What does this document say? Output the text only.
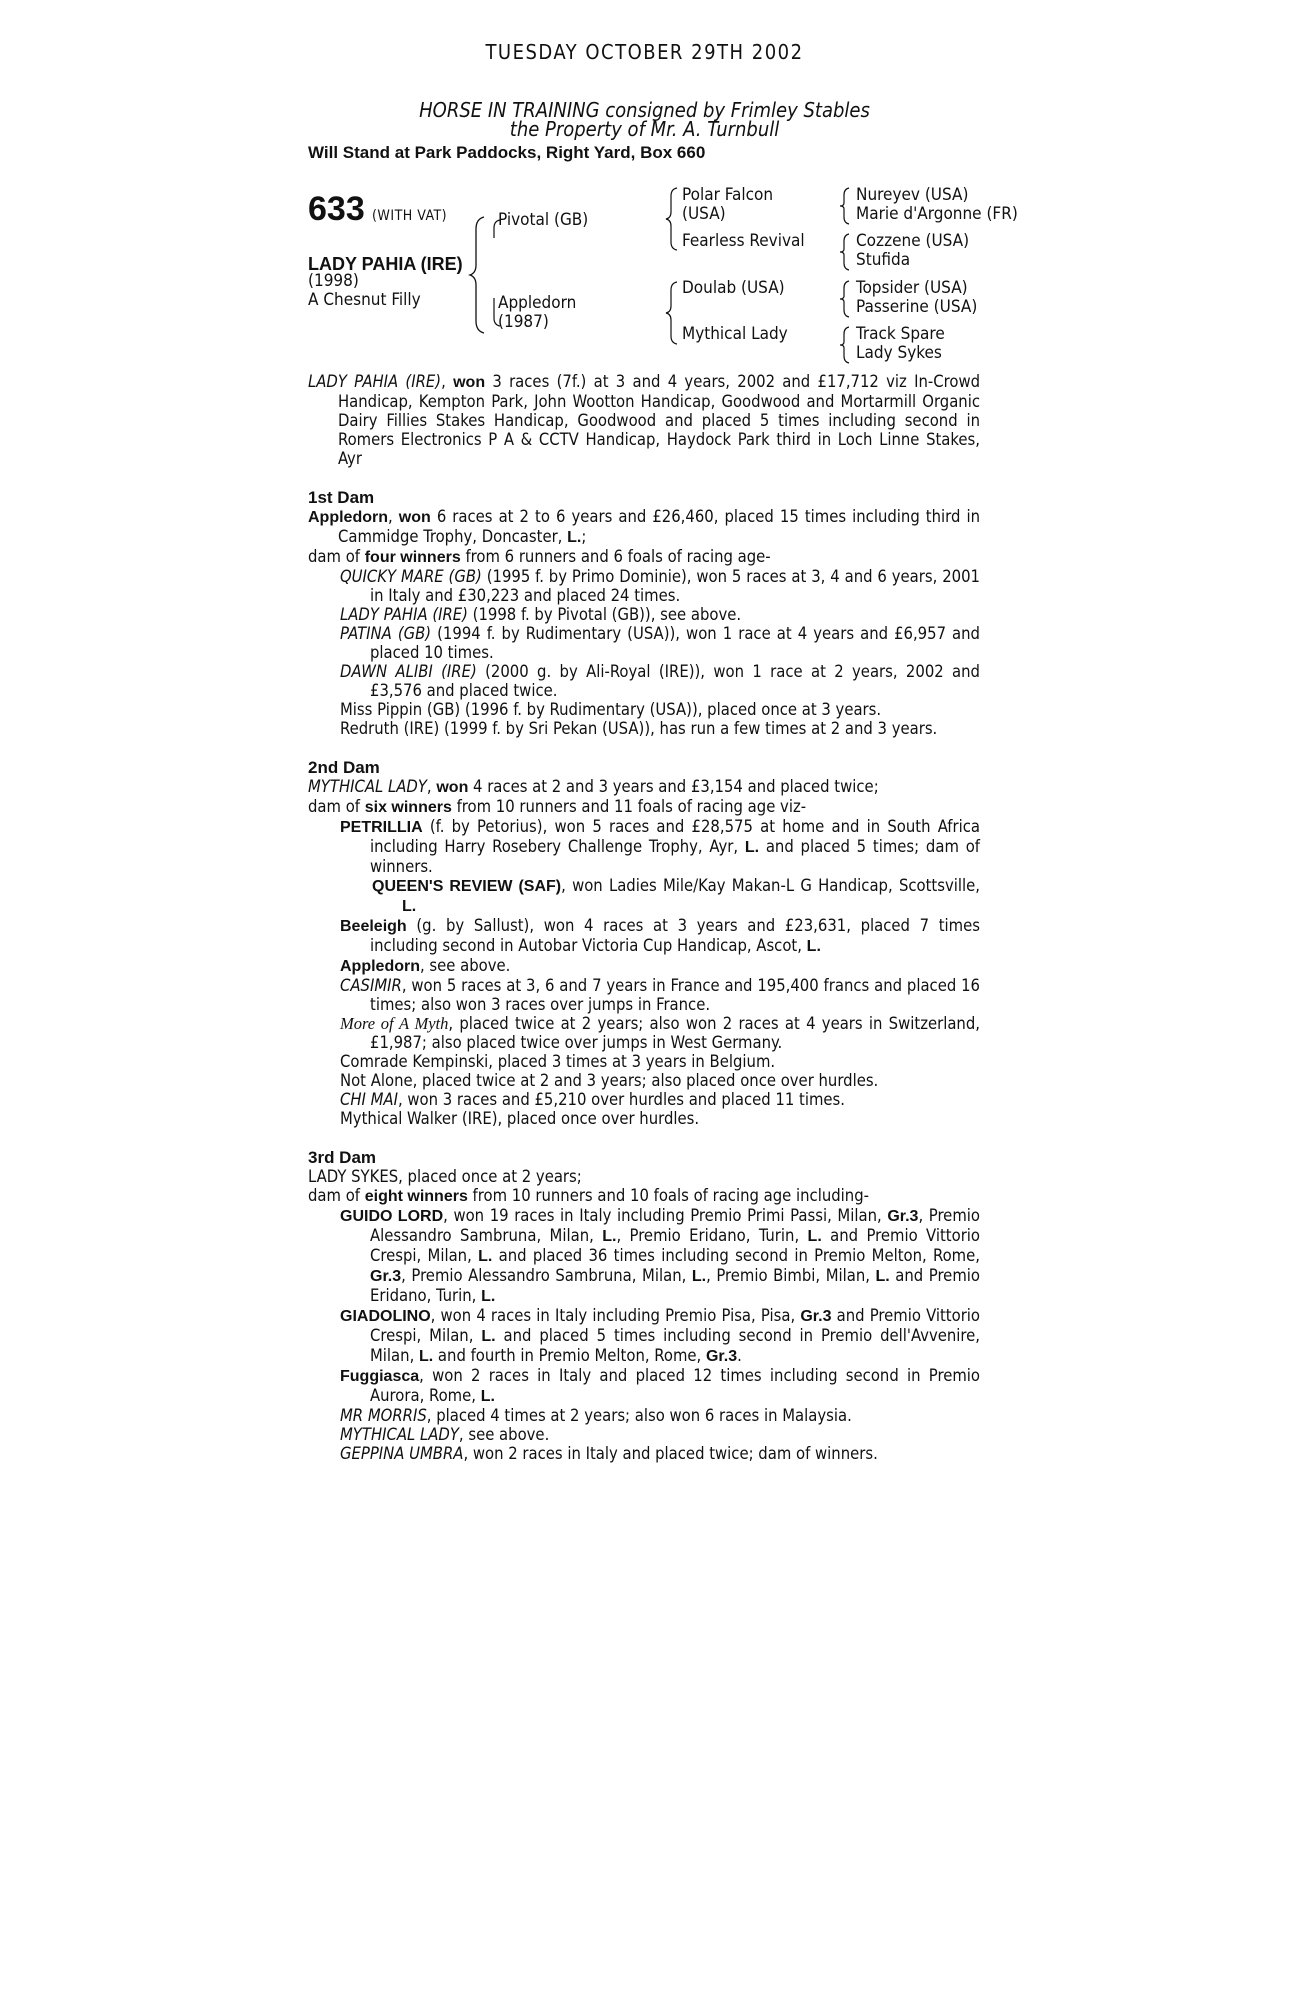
TUESDAY OCTOBER 29TH 2002
HORSE IN TRAINING consigned by Frimley Stables
the Property of Mr. A. Turnbull
Will Stand at Park Paddocks, Right Yard, Box 660
633 (WITH VAT)
LADY PAHIA (IRE)
(1998)
A Chesnut Filly
Pivotal (GB)
Appledorn
(1987)
Polar Falcon
(USA)
Fearless Revival
Doulab (USA)
Mythical Lady
Nureyev (USA)
Marie d'Argonne (FR)
Cozzene (USA)
Stufida
Topsider (USA)
Passerine (USA)
Track Spare
Lady Sykes

LADY PAHIA (IRE), won 3 races (7f.) at 3 and 4 years, 2002 and £17,712 viz In-Crowd Handicap, Kempton Park, John Wootton Handicap, Goodwood and Mortarmill Organic Dairy Fillies Stakes Handicap, Goodwood and placed 5 times including second in Romers Electronics P A & CCTV Handicap, Haydock Park third in Loch Linne Stakes, Ayr

1st Dam

Appledorn, won 6 races at 2 to 6 years and £26,460, placed 15 times including third in Cammidge Trophy, Doncaster, L.;

dam of four winners from 6 runners and 6 foals of racing age-

QUICKY MARE (GB) (1995 f. by Primo Dominie), won 5 races at 3, 4 and 6 years, 2001 in Italy and £30,223 and placed 24 times.

LADY PAHIA (IRE) (1998 f. by Pivotal (GB)), see above.

PATINA (GB) (1994 f. by Rudimentary (USA)), won 1 race at 4 years and £6,957 and placed 10 times.

DAWN ALIBI (IRE) (2000 g. by Ali-Royal (IRE)), won 1 race at 2 years, 2002 and £3,576 and placed twice.

Miss Pippin (GB) (1996 f. by Rudimentary (USA)), placed once at 3 years.

Redruth (IRE) (1999 f. by Sri Pekan (USA)), has run a few times at 2 and 3 years.

2nd Dam

MYTHICAL LADY, won 4 races at 2 and 3 years and £3,154 and placed twice;

dam of six winners from 10 runners and 11 foals of racing age viz-

PETRILLIA (f. by Petorius), won 5 races and £28,575 at home and in South Africa including Harry Rosebery Challenge Trophy, Ayr, L. and placed 5 times; dam of winners.

QUEEN'S REVIEW (SAF), won Ladies Mile/Kay Makan-L G Handicap, Scottsville, L.

Beeleigh (g. by Sallust), won 4 races at 3 years and £23,631, placed 7 times including second in Autobar Victoria Cup Handicap, Ascot, L.

Appledorn, see above.

CASIMIR, won 5 races at 3, 6 and 7 years in France and 195,400 francs and placed 16 times; also won 3 races over jumps in France.

More of A Myth, placed twice at 2 years; also won 2 races at 4 years in Switzerland, £1,987; also placed twice over jumps in West Germany.

Comrade Kempinski, placed 3 times at 3 years in Belgium.

Not Alone, placed twice at 2 and 3 years; also placed once over hurdles.

CHI MAI, won 3 races and £5,210 over hurdles and placed 11 times.

Mythical Walker (IRE), placed once over hurdles.

3rd Dam

LADY SYKES, placed once at 2 years;

dam of eight winners from 10 runners and 10 foals of racing age including-

GUIDO LORD, won 19 races in Italy including Premio Primi Passi, Milan, Gr.3, Premio Alessandro Sambruna, Milan, L., Premio Eridano, Turin, L. and Premio Vittorio Crespi, Milan, L. and placed 36 times including second in Premio Melton, Rome, Gr.3, Premio Alessandro Sambruna, Milan, L., Premio Bimbi, Milan, L. and Premio Eridano, Turin, L.

GIADOLINO, won 4 races in Italy including Premio Pisa, Pisa, Gr.3 and Premio Vittorio Crespi, Milan, L. and placed 5 times including second in Premio dell'Avvenire, Milan, L. and fourth in Premio Melton, Rome, Gr.3.

Fuggiasca, won 2 races in Italy and placed 12 times including second in Premio Aurora, Rome, L.

MR MORRIS, placed 4 times at 2 years; also won 6 races in Malaysia.

MYTHICAL LADY, see above.

GEPPINA UMBRA, won 2 races in Italy and placed twice; dam of winners.
